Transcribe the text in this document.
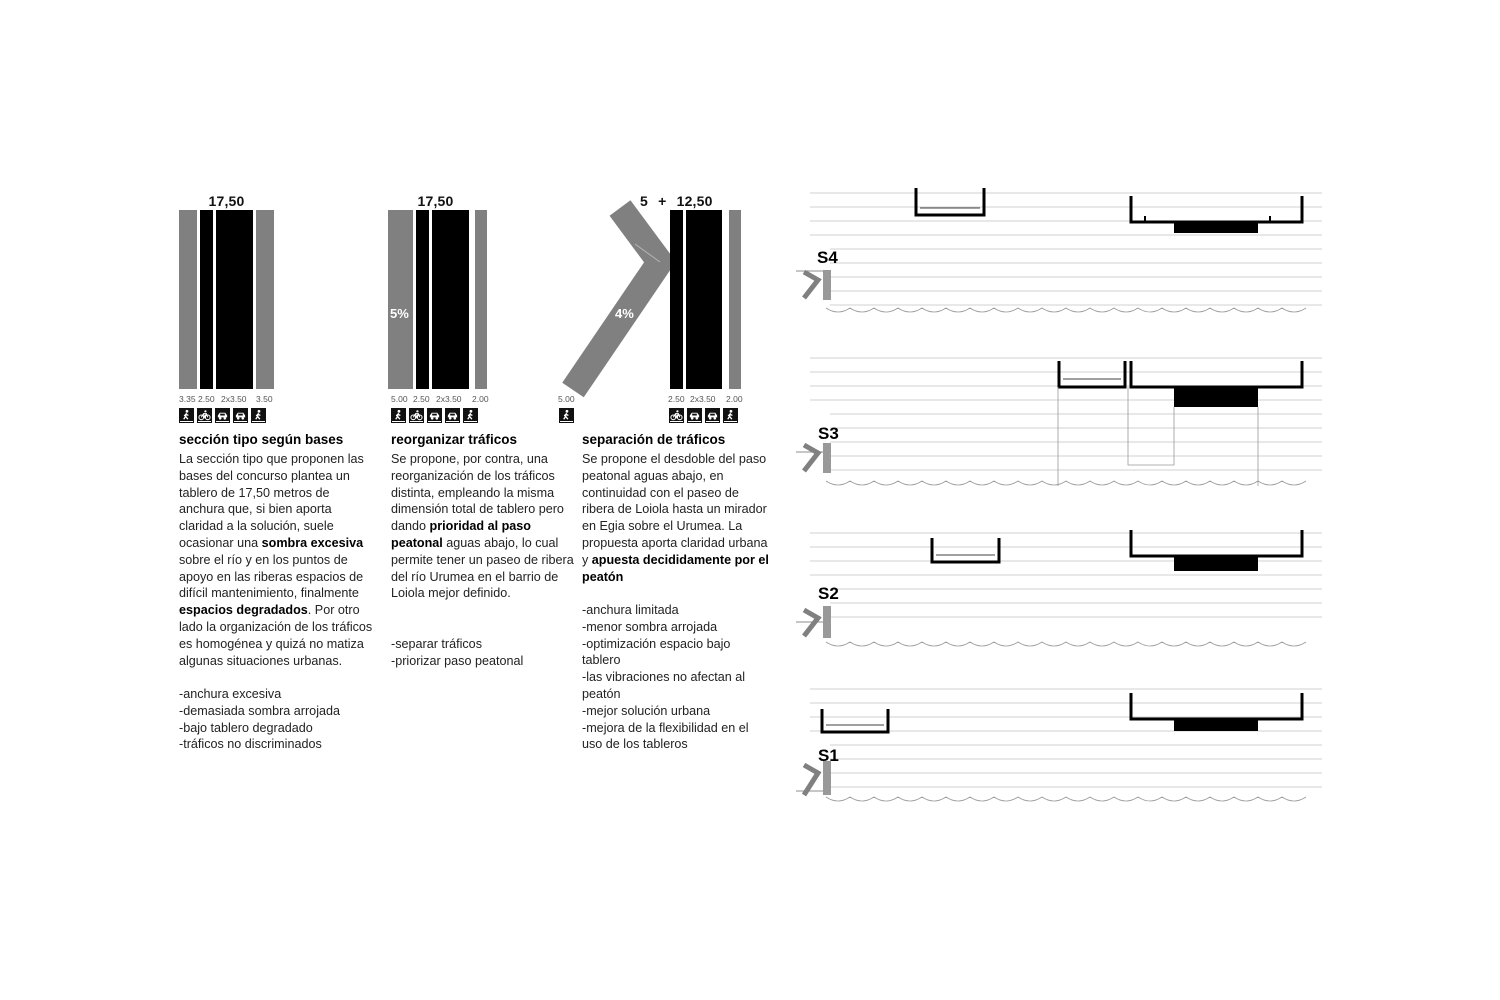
17,50
3.35 2.50 2x3.50 3.50
sección tipo según bases
La sección tipo que proponen las bases del concurso plantea un tablero de 17,50 metros de anchura que, si bien aporta claridad a la solución, suele ocasionar una sombra excesiva sobre el río y en los puntos de apoyo en las riberas espacios de difícil mantenimiento, finalmente espacios degradados. Por otro lado la organización de los tráficos es homogénea y quizá no matiza algunas situaciones urbanas.
-anchura excesiva
-demasiada sombra arrojada
-bajo tablero degradado
-tráficos no discriminados
17,50
5%
5.00 2.50 2x3.50 2.00
reorganizar tráficos
Se propone, por contra, una reorganización de los tráficos distinta, empleando la misma dimensión total de tablero pero dando prioridad al paso peatonal aguas abajo, lo cual permite tener un paseo de ribera del río Urumea en el barrio de Loiola mejor definido.
-separar tráficos
-priorizar paso peatonal
5 + 12,50
4%
5.00	2.50 2x3.50 2.00
separación de tráficos
Se propone el desdoble del paso peatonal aguas abajo, en continuidad con el paseo de ribera de Loiola hasta un mirador en Egia sobre el Urumea. La propuesta aporta claridad urbana y apuesta decididamente por el peatón
-anchura limitada
-menor sombra arrojada
-optimización espacio bajo tablero
-las vibraciones no afectan al peatón
-mejor solución urbana
-mejora de la flexibilidad en el uso de los tableros
S4
S3
S2
S1
